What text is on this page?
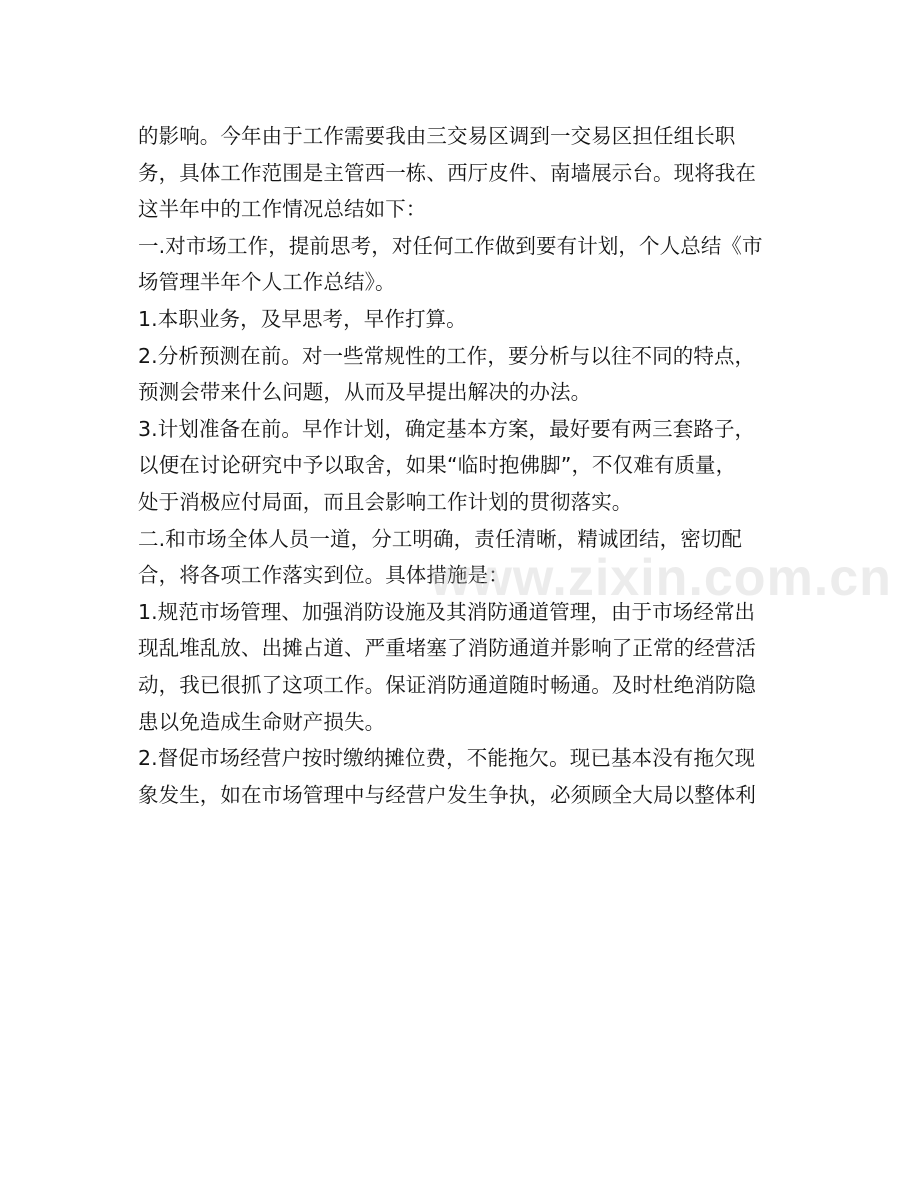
的影响。今年由于工作需要我由三交易区调到一交易区担任组长职
务，具体工作范围是主管西一栋、西厅皮件、南墙展示台。现将我在
这半年中的工作情况总结如下：
一.对市场工作，提前思考，对任何工作做到要有计划，个人总结《市
场管理半年个人工作总结》。
1.本职业务，及早思考，早作打算。
2.分析预测在前。对一些常规性的工作，要分析与以往不同的特点，
预测会带来什么问题，从而及早提出解决的办法。
3.计划准备在前。早作计划，确定基本方案，最好要有两三套路子，
以便在讨论研究中予以取舍，如果“临时抱佛脚”，不仅难有质量，
处于消极应付局面，而且会影响工作计划的贯彻落实。
二.和市场全体人员一道，分工明确，责任清晰，精诚团结，密切配
合，将各项工作落实到位。具体措施是：
1.规范市场管理、加强消防设施及其消防通道管理，由于市场经常出
现乱堆乱放、出摊占道、严重堵塞了消防通道并影响了正常的经营活
动，我已很抓了这项工作。保证消防通道随时畅通。及时杜绝消防隐
患以免造成生命财产损失。
2.督促市场经营户按时缴纳摊位费，不能拖欠。现已基本没有拖欠现
象发生，如在市场管理中与经营户发生争执，必须顾全大局以整体利
www.zixin.com.cn
